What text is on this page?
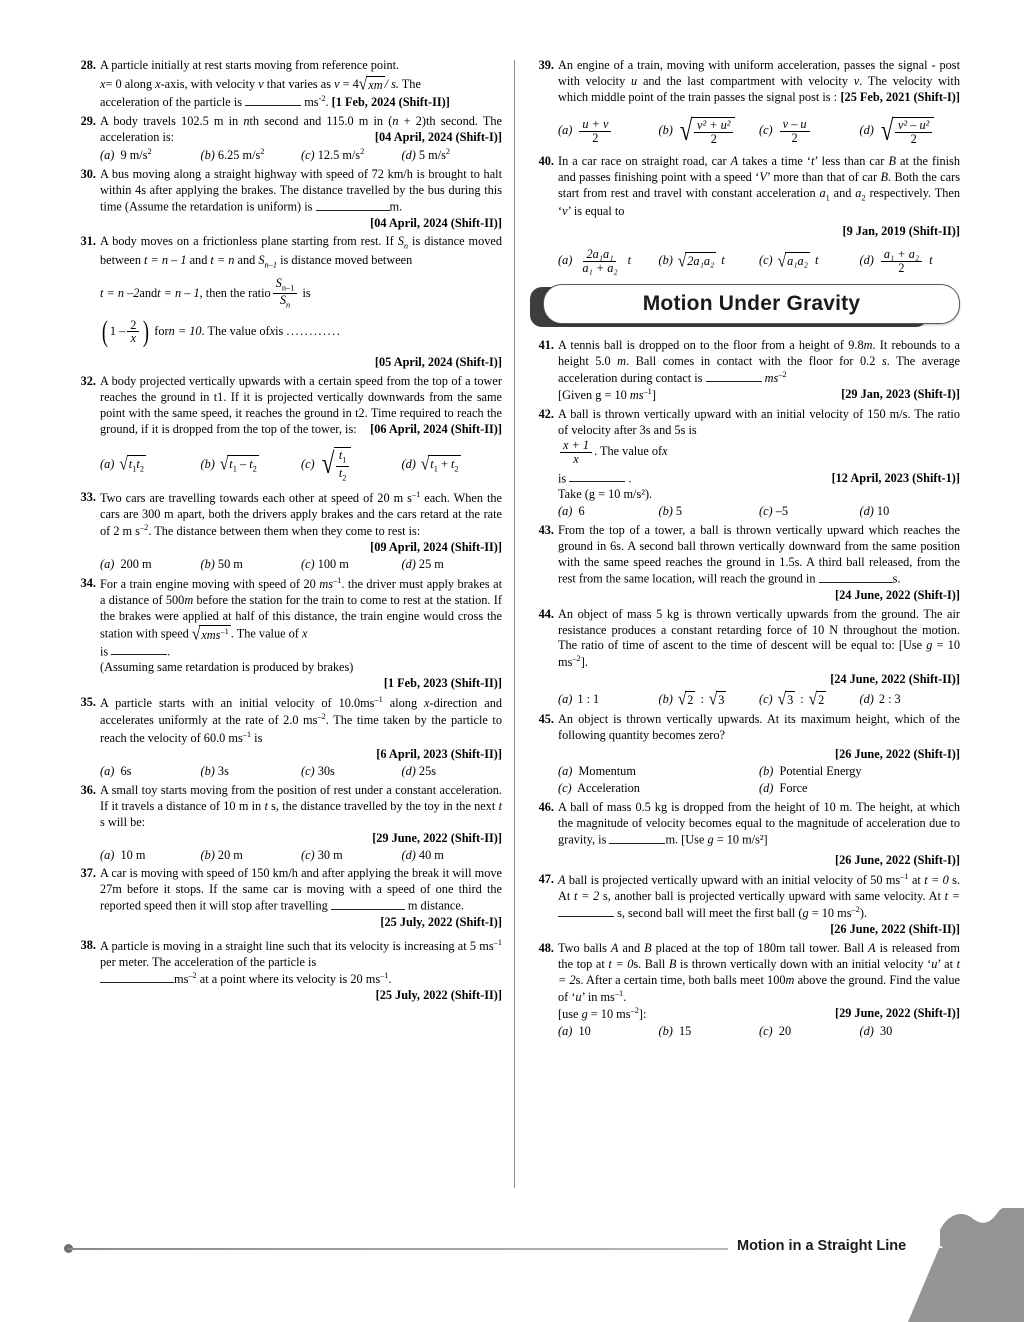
28. A particle initially at rest starts moving from reference point.

x= 0 along x-axis, with velocity v that varies as v = 4 √ xm / s. The

acceleration of the particle is	$ms^{-2}$. [1 Feb, 2024 (Shift-II)]

29. A body travels 102.5 m in nth second and 115.0 m in (n + 2)th second. The acceleration is:	[04 April, 2024 (Shift-I)]

(a) 9 $m/s^2$	(b) 6.25 $m/s^2$	(c) 12.5 $m/s^2$	(d) 5 $m/s^2$
30. A bus moving along a straight highway with speed of 72 km/h is brought to halt within 4s after applying the brakes. The distance travelled by the bus during this time (Assume the retardation is uniform) is	m.
[04 April, 2024 (Shift-II)]

31. A body moves on a frictionless plane starting from rest. If $S_n$ is distance moved between t = n – 1 and t = n and $S_{n-1}$ is distance moved between

t = n –2 and t = n – 1 , then the ratio $\frac{S_{n-1}}{S_n}$
is

( $1 - \frac{2}{x}$ )
for n = 10 . The value of x is
............

[05 April, 2024 (Shift-I)]

32. A body projected vertically upwards with a certain speed from the top of a tower reaches the ground in t1. If it is projected vertically downwards from the same point with the same speed, it reaches the ground in t2. Time required to reach the ground, if it is dropped from the top of the tower, is: [06 April, 2024 (Shift-II)]

(a) √ $t_1t_2$	(b) √ $t_1 - t_2$	(c) √ $\frac{t_1}{t_2}$	(d) √ $t_1 + t_2$
33. Two cars are travelling towards each other at speed of 20 m $s^{-1}$ each. When the cars are 300 m apart, both the drivers apply brakes and the cars retard at the rate of 2 m $s^{-2}$. The distance between them when they come to rest is:
[09 April, 2024 (Shift-II)]

(a) 200 m	(b) 50 m	(c) 100 m	(d) 25 m
34. For a train engine moving with speed of 20 $ms^{-1}$. the driver must apply brakes at a distance of 500m before the station for the train to come to rest at the station. If the brakes were applied at half of this distance, the train engine would cross the station with speed √ xms$^{-1}$ . The value of x

is	.

(Assuming same retardation is produced by brakes)

[1 Feb, 2023 (Shift-II)]

35. A particle starts with an initial velocity of $10.0ms^{-1}$ along x-direction and accelerates uniformly at the rate of 2.0 $ms^{-2}$. The time taken by the particle to reach the velocity of 60.0 $ms^{-1}$ is

[6 April, 2023 (Shift-II)]

(a) 6s	(b) 3s	(c) 30s	(d) 25s
36. A small toy starts moving from the position of rest under a constant acceleration. If it travels a distance of 10 m in t s, the distance travelled by the toy in the next t s will be:

[29 June, 2022 (Shift-II)]

(a) 10 m	(b) 20 m	(c) 30 m	(d) 40 m
37. A car is moving with speed of 150 km/h and after applying the break it will move 27m before it stops. If the same car is moving with a speed of one third the reported speed then it will stop after travelling	m distance.
[25 July, 2022 (Shift-I)]

38. A particle is moving in a straight line such that its velocity is increasing at 5 $ms^{-1}$ per meter. The acceleration of the particle is

$ms^{-2}$ at a point where its velocity is 20 $ms^{-1}$.

[25 July, 2022 (Shift-II)]

39. An engine of a train, moving with uniform acceleration, passes the signal - post with velocity u and the last compartment with velocity v. The velocity with which middle point of the train passes the signal post is : [25 Feb, 2021 (Shift-I)]

$(a) \frac{u + v}{2}$	(b) √ $\frac{\text{v² + u²}}{2} (c) \frac{v - u}{2}$	(d) √ $\frac{\text{v² – u²}}{2}$
40. In a car race on straight road, car A takes a time ‘t’ less than car B at the finish and passes finishing point with a speed ‘V’ more than that of car B. Both the cars start from rest and travel with constant acceleration $a_1$ and $a_2$ respectively. Then ‘v’ is equal to

[9 Jan, 2019 (Shift-II)]

$(a) \frac{\text{2a₁a₁}}{\text{a₁ + a₂}}$ t (b) √ 2a₁a₂ t	(c) √ a₁a₂ t	$(d) \frac{\text{a₁ + a₂}}{2}$ t
Motion Under Gravity
41. A tennis ball is dropped on to the floor from a height of 9.8m. It rebounds to a height 5.0 m. Ball comes in contact with the floor for 0.2 s. The average acceleration during contact is	$ms^{-2}$

[Given g = 10 $ms^{-1}$]	[29 Jan, 2023 (Shift-I)]

42. A ball is thrown vertically upward with an initial velocity of 150 m/s. The ratio of velocity after 3s and 5s is
$\frac{x + 1}{x}$ . The value of x

is	.	[12 April, 2023 (Shift-1)]

Take (g = 10 m/s²).

(a) 6	(b) 5	(c) –5	(d) 10
43. From the top of a tower, a ball is thrown vertically upward which reaches the ground in 6s. A second ball thrown vertically downward from the same position with the same speed reaches the ground in 1.5s. A third ball released, from the rest from the same location, will reach the ground in	s.
[24 June, 2022 (Shift-I)]

44. An object of mass 5 kg is thrown vertically upwards from the ground. The air resistance produces a constant retarding force of 10 N throughout the motion. The ratio of time of ascent to the time of descent will be equal to: [Use g = 10 $ms^{-2}$].

[24 June, 2022 (Shift-II)]

(a) 1 : 1	(b) √ 2 : √ 3	(c) √ 3 : √ 2	(d) 2 : 3
45. An object is thrown vertically upwards. At its maximum height, which of the following quantity becomes zero?

[26 June, 2022 (Shift-I)]

(a) Momentum	(b) Potential Energy
(c) Acceleration	(d) Force
46. A ball of mass 0.5 kg is dropped from the height of 10 m. The height, at which the magnitude of velocity becomes equal to the magnitude of acceleration due to gravity, is	m. [Use g = 10 m/s²]

[26 June, 2022 (Shift-I)]

47. A ball is projected vertically upward with an initial velocity of 50 $ms^{-1}$ at t = 0 s. At t = 2 s, another ball is projected vertically upward with same velocity. At t =  s, second ball will meet the first ball (g = 10 $ms^{-2}$).
[26 June, 2022 (Shift-II)]

48. Two balls A and B placed at the top of 180m tall tower. Ball A is released from the top at t = 0s. Ball B is thrown vertically down with an initial velocity ‘u’ at t = 2s. After a certain time, both balls meet 100m above the ground. Find the value of ‘u’ in $ms^{-1}$.

[use g = 10 $ms^{-2}$]:	[29 June, 2022 (Shift-I)]

(a) 10	(b) 15	(c) 20	(d) 30
Motion in a Straight Line 31
